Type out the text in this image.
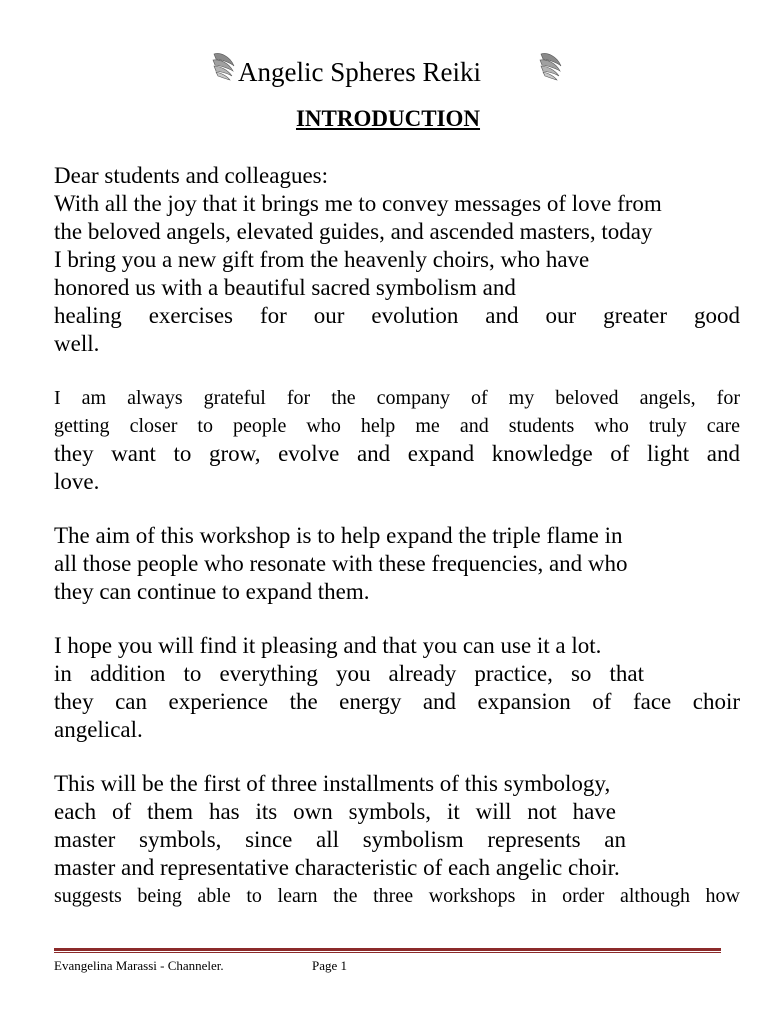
Angelic Spheres Reiki
INTRODUCTION
Dear students and colleagues:
With all the joy that it brings me to convey messages of love from
the beloved angels, elevated guides, and ascended masters, today
I bring you a new gift from the heavenly choirs, who have
honored us with a beautiful sacred symbolism and
healing exercises for our evolution and our greater good
well.
I am always grateful for the company of my beloved angels, for
getting closer to people who help me and students who truly care
they want to grow, evolve and expand knowledge of light and
love.
The aim of this workshop is to help expand the triple flame in
all those people who resonate with these frequencies, and who
they can continue to expand them.
I hope you will find it pleasing and that you can use it a lot.
in addition to everything you already practice, so that
they can experience the energy and expansion of face choir
angelical.
This will be the first of three installments of this symbology,
each of them has its own symbols, it will not have
master symbols, since all symbolism represents an
master and representative characteristic of each angelic choir.
suggests being able to learn the three workshops in order although how
Evangelina Marassi - Channeler.	Page 1
